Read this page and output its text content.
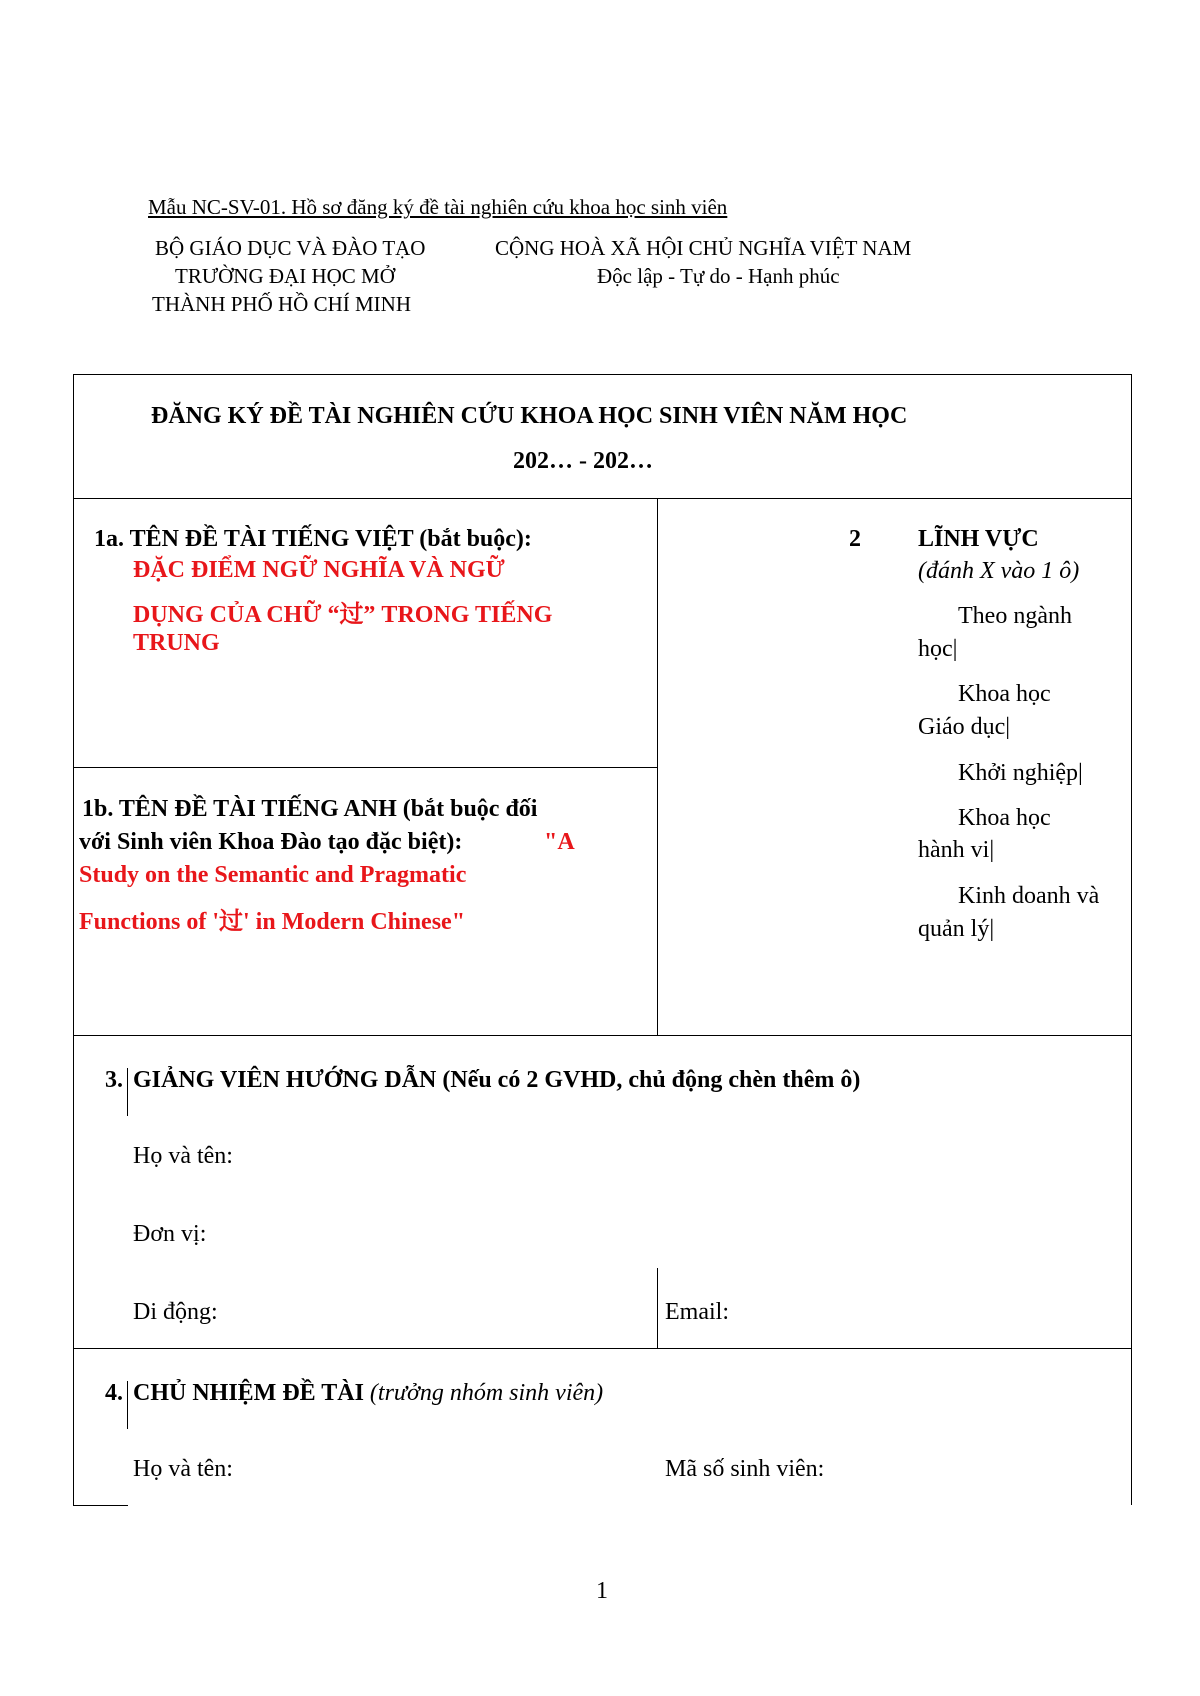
Mẫu NC-SV-01. Hồ sơ đăng ký đề tài nghiên cứu khoa học sinh viên
BỘ GIÁO DỤC VÀ ĐÀO TẠO
TRƯỜNG ĐẠI HỌC MỞ
THÀNH PHỐ HỒ CHÍ MINH
CỘNG HOÀ XÃ HỘI CHỦ NGHĨA VIỆT NAM
Độc lập - Tự do - Hạnh phúc
ĐĂNG KÝ ĐỀ TÀI NGHIÊN CỨU KHOA HỌC SINH VIÊN NĂM HỌC
202… - 202…
1a. TÊN ĐỀ TÀI TIẾNG VIỆT (bắt buộc):
ĐẶC ĐIỂM NGỮ NGHĨA VÀ NGỮ
DỤNG CỦA CHỮ “过” TRONG TIẾNG
TRUNG
1b. TÊN ĐỀ TÀI TIẾNG ANH (bắt buộc đối
với Sinh viên Khoa Đào tạo đặc biệt):	"A
Study on the Semantic and Pragmatic
Functions of '过' in Modern Chinese"
2 LĨNH VỰC
(đánh X vào 1 ô)
Theo ngành
học|
Khoa học
Giáo dục|
Khởi nghiệp|
Khoa học
hành vi|
Kinh doanh và
quản lý|
3. GIẢNG VIÊN HƯỚNG DẪN (Nếu có 2 GVHD, chủ động chèn thêm ô)
Họ và tên:
Đơn vị:
Di động:	Email:
4. CHỦ NHIỆM ĐỀ TÀI (trưởng nhóm sinh viên)
Họ và tên:	Mã số sinh viên:
1
